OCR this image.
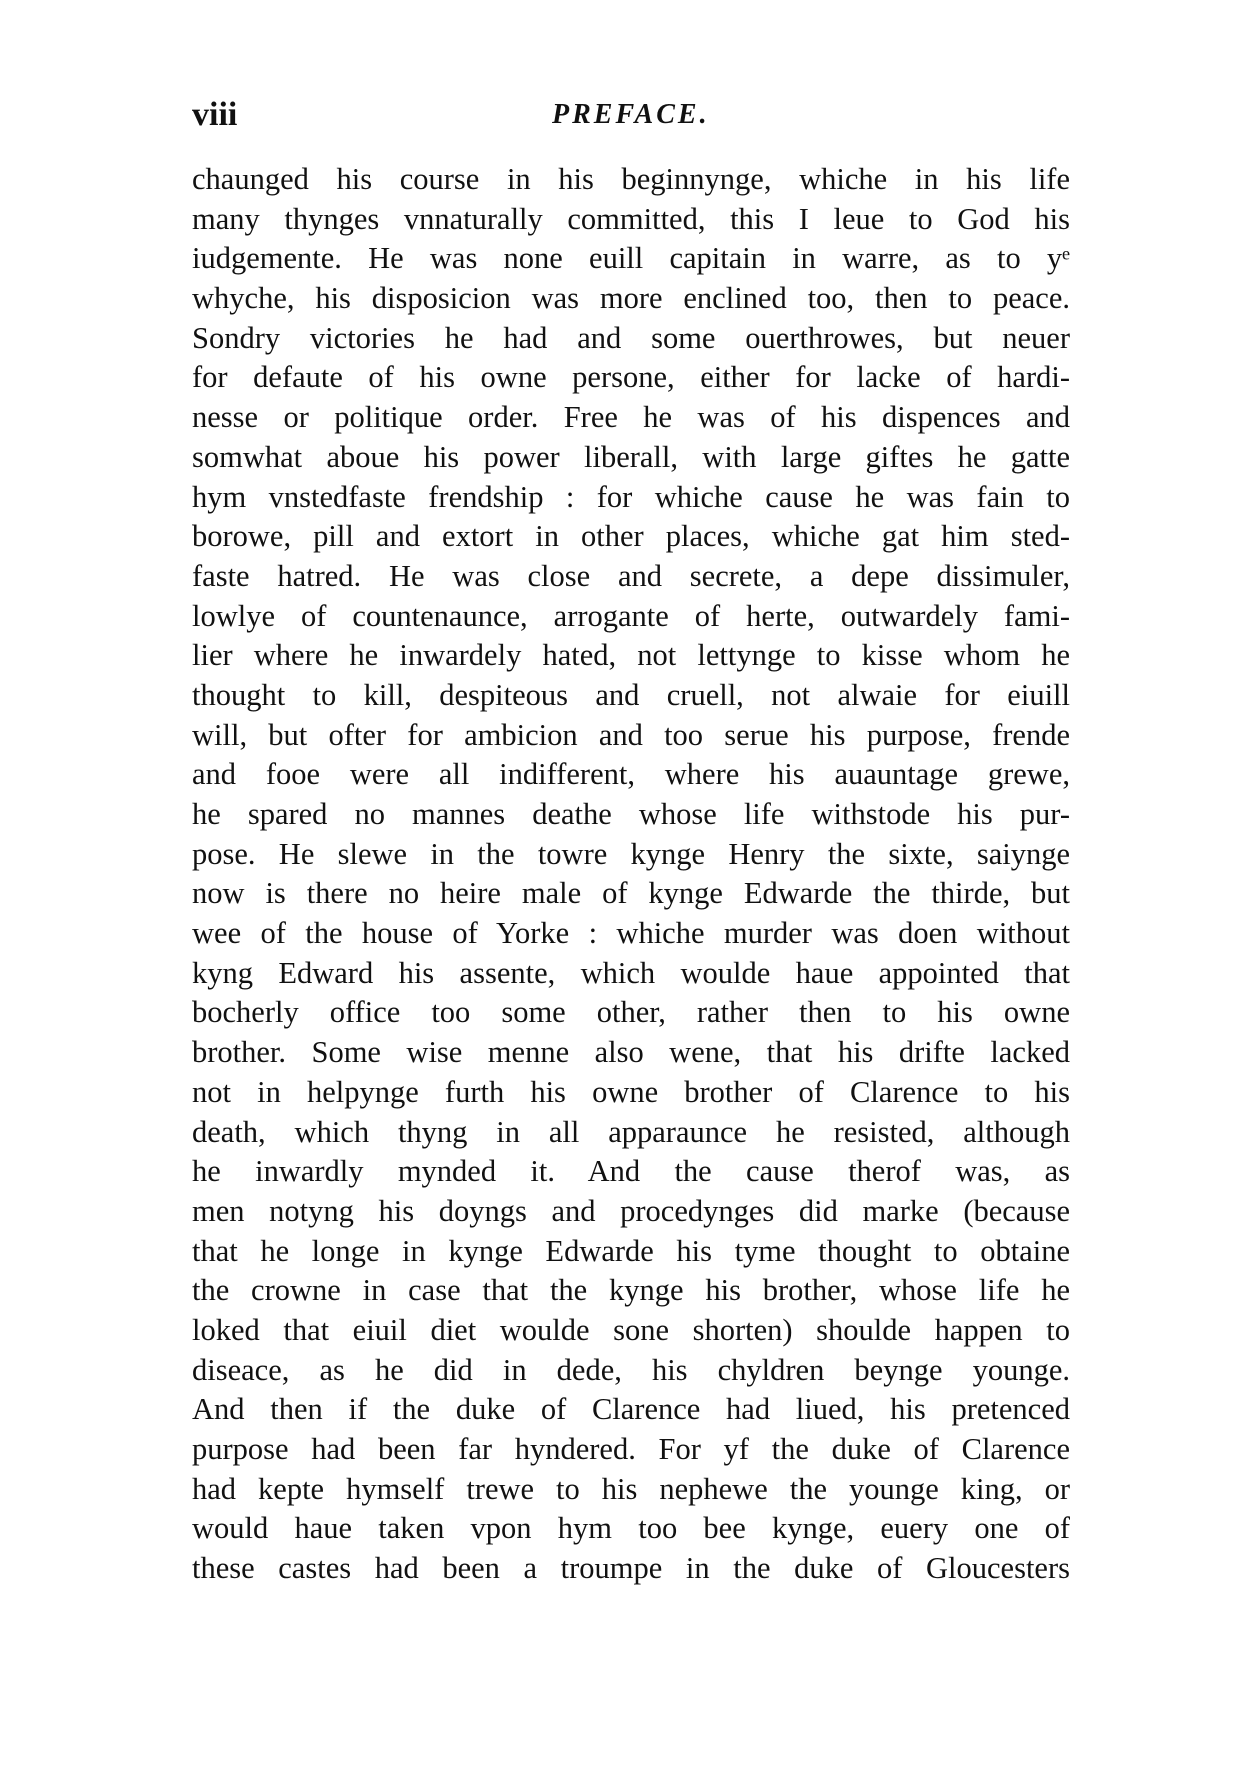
viii	PREFACE.
chaunged his course in his beginnynge, whiche in his life
many thynges vnnaturally committed, this I leue to God his
iudgemente. He was none euill capitain in warre, as to yᵉ
whyche, his disposicion was more enclined too, then to peace.
Sondry victories he had and some ouerthrowes, but neuer
for defaute of his owne persone, either for lacke of hardi-
nesse or politique order. Free he was of his dispences and
somwhat aboue his power liberall, with large giftes he gatte
hym vnstedfaste frendship : for whiche cause he was fain to
borowe, pill and extort in other places, whiche gat him sted-
faste hatred. He was close and secrete, a depe dissimuler,
lowlye of countenaunce, arrogante of herte, outwardely fami-
lier where he inwardely hated, not lettynge to kisse whom he
thought to kill, despiteous and cruell, not alwaie for eiuill
will, but ofter for ambicion and too serue his purpose, frende
and fooe were all indifferent, where his auauntage grewe,
he spared no mannes deathe whose life withstode his pur-
pose. He slewe in the towre kynge Henry the sixte, saiynge
now is there no heire male of kynge Edwarde the thirde, but
wee of the house of Yorke : whiche murder was doen without
kyng Edward his assente, which woulde haue appointed that
bocherly office too some other, rather then to his owne
brother. Some wise menne also wene, that his drifte lacked
not in helpynge furth his owne brother of Clarence to his
death, which thyng in all apparaunce he resisted, although
he inwardly mynded it. And the cause therof was, as
men notyng his doyngs and procedynges did marke (because
that he longe in kynge Edwarde his tyme thought to obtaine
the crowne in case that the kynge his brother, whose life he
loked that eiuil diet woulde sone shorten) shoulde happen to
diseace, as he did in dede, his chyldren beynge younge.
And then if the duke of Clarence had liued, his pretenced
purpose had been far hyndered. For yf the duke of Clarence
had kepte hymself trewe to his nephewe the younge king, or
would haue taken vpon hym too bee kynge, euery one of
these castes had been a troumpe in the duke of Gloucesters
